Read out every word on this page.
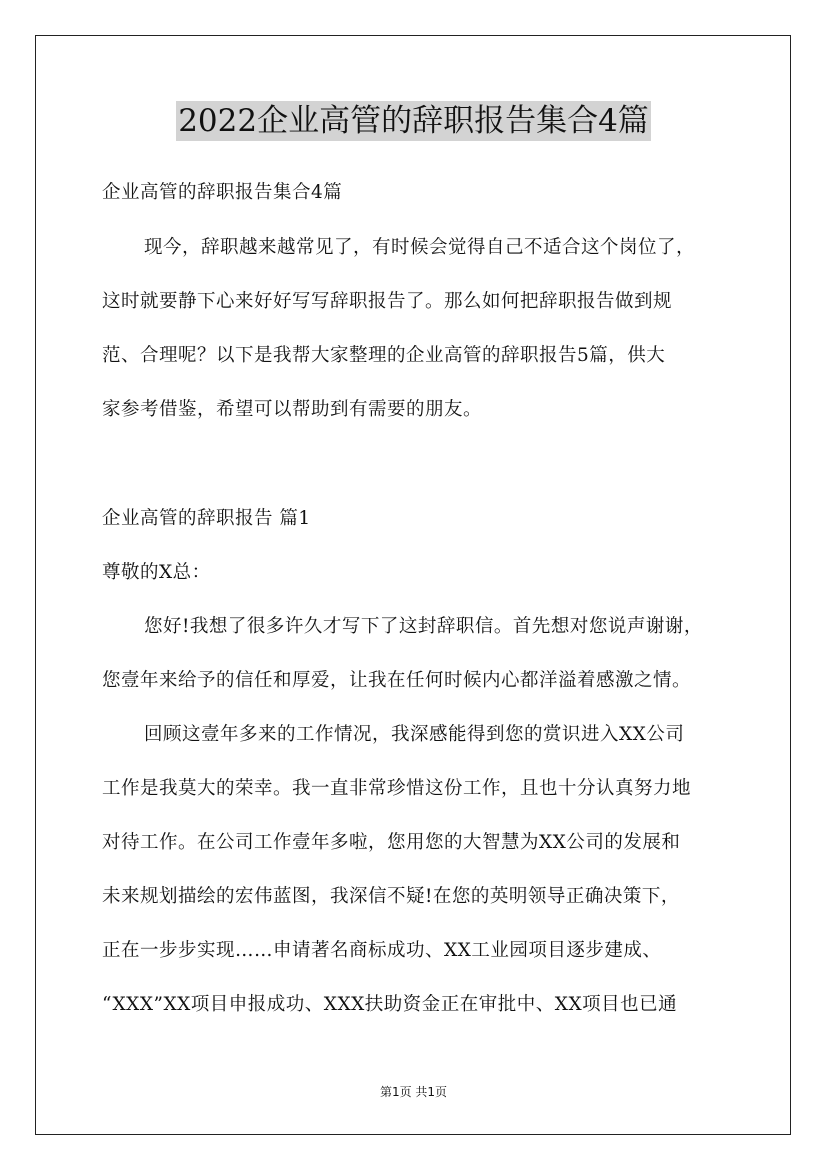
2022企业高管的辞职报告集合4篇
企业高管的辞职报告集合4篇
现今，辞职越来越常见了，有时候会觉得自己不适合这个岗位了，
这时就要静下心来好好写写辞职报告了。那么如何把辞职报告做到规
范、合理呢？以下是我帮大家整理的企业高管的辞职报告5篇，供大
家参考借鉴，希望可以帮助到有需要的朋友。
企业高管的辞职报告 篇1
尊敬的X总：
您好!我想了很多许久才写下了这封辞职信。首先想对您说声谢谢，
您壹年来给予的信任和厚爱，让我在任何时候内心都洋溢着感激之情。
回顾这壹年多来的工作情况，我深感能得到您的赏识进入XX公司
工作是我莫大的荣幸。我一直非常珍惜这份工作，且也十分认真努力地
对待工作。在公司工作壹年多啦，您用您的大智慧为XX公司的发展和
未来规划描绘的宏伟蓝图，我深信不疑!在您的英明领导正确决策下，
正在一步步实现……申请著名商标成功、XX工业园项目逐步建成、
“XXX”XX项目申报成功、XXX扶助资金正在审批中、XX项目也已通
第1页 共1页
